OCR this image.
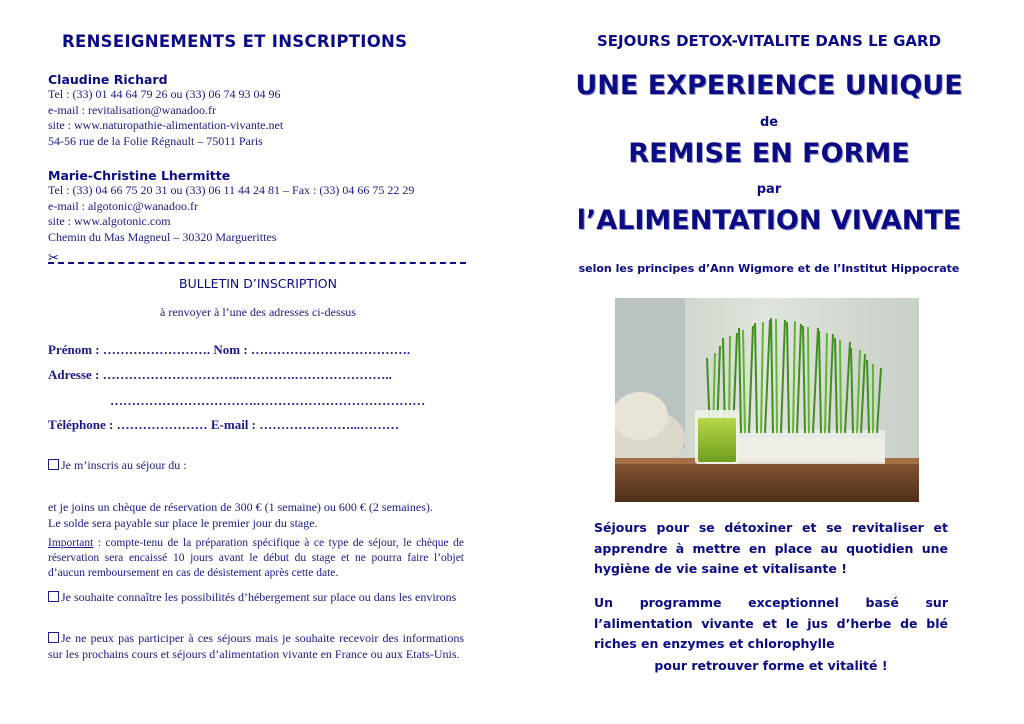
RENSEIGNEMENTS ET INSCRIPTIONS
Claudine Richard
Tel : (33) 01 44 64 79 26 ou (33) 06 74 93 04 96
e-mail : revitalisation@wanadoo.fr
site : www.naturopathie-alimentation-vivante.net
54-56 rue de la Folie Régnault – 75011 Paris
Marie-Christine Lhermitte
Tel : (33) 04 66 75 20 31 ou (33) 06 11 44 24 81 – Fax : (33) 04 66 75 22 29
e-mail : algotonic@wanadoo.fr
site : www.algotonic.com
Chemin du Mas Magneul – 30320 Marguerittes
✂
BULLETIN D’INSCRIPTION
à renvoyer à l’une des adresses ci-dessus
Prénom : ……………………. Nom : ……………………………….
Adresse : …………………………..………….…………………..
…………………………….…………………………………
Téléphone : ………………… E-mail : …………………...………
Je m’inscris au séjour du :
et je joins un chèque de réservation de 300 € (1 semaine) ou 600 € (2 semaines).
Le solde sera payable sur place le premier jour du stage.
Important : compte-tenu de la préparation spécifique à ce type de séjour, le chèque de réservation sera encaissé 10 jours avant le début du stage et ne pourra faire l’objet d’aucun remboursement en cas de désistement après cette date.
Je souhaite connaître les possibilités d’hébergement sur place ou dans les environs
Je ne peux pas participer à ces séjours mais je souhaite recevoir des informations sur les prochains cours et séjours d’alimentation vivante en France ou aux Etats-Unis.
SEJOURS DETOX-VITALITE DANS LE GARD
UNE EXPERIENCE UNIQUE
de
REMISE EN FORME
par
l’ALIMENTATION VIVANTE
selon les principes d’Ann Wigmore et de l’Institut Hippocrate
Séjours pour se détoxiner et se revitaliser et apprendre à mettre en place au quotidien une hygiène de vie saine et vitalisante !
Un programme exceptionnel basé sur l’alimentation vivante et le jus d’herbe de blé riches en enzymes et chlorophylle
pour retrouver forme et vitalité !
